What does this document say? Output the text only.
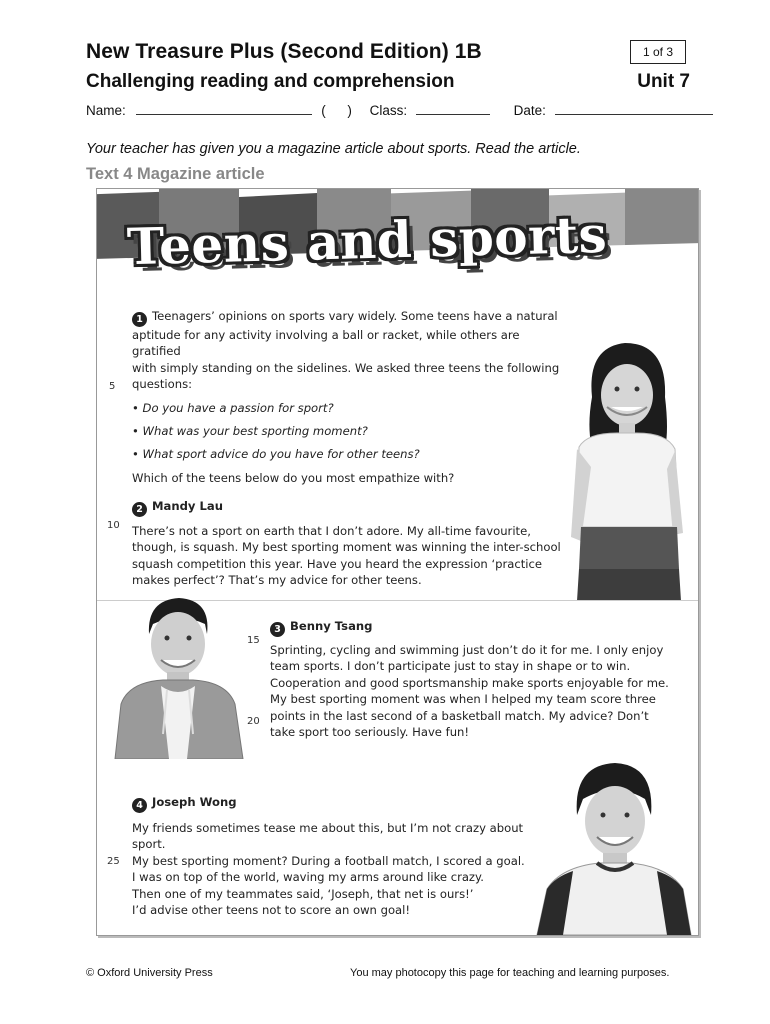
New Treasure Plus (Second Edition) 1B	1 of 3
Challenging reading and comprehension	Unit 7
Name:	( ) Class:	Date:
Your teacher has given you a magazine article about sports. Read the article.
Text 4 Magazine article
Teens and sports
1 Teenagers’ opinions on sports vary widely. Some teens have a natural
aptitude for any activity involving a ball or racket, while others are gratified
with simply standing on the sidelines. We asked three teens the following
questions:
• Do you have a passion for sport?
• What was your best sporting moment?
• What sport advice do you have for other teens?
Which of the teens below do you most empathize with?
2 Mandy Lau
There’s not a sport on earth that I don’t adore. My all-time favourite,
though, is squash. My best sporting moment was winning the inter-school
squash competition this year. Have you heard the expression ‘practice
makes perfect’? That’s my advice for other teens.
3 Benny Tsang
Sprinting, cycling and swimming just don’t do it for me. I only enjoy
team sports. I don’t participate just to stay in shape or to win.
Cooperation and good sportsmanship make sports enjoyable for me.
My best sporting moment was when I helped my team score three
points in the last second of a basketball match. My advice? Don’t
take sport too seriously. Have fun!
4 Joseph Wong
My friends sometimes tease me about this, but I’m not crazy about sport.
My best sporting moment? During a football match, I scored a goal.
I was on top of the world, waving my arms around like crazy.
Then one of my teammates said, ‘Joseph, that net is ours!’
I’d advise other teens not to score an own goal!
5
10
15
20
25
© Oxford University Press	You may photocopy this page for teaching and learning purposes.
